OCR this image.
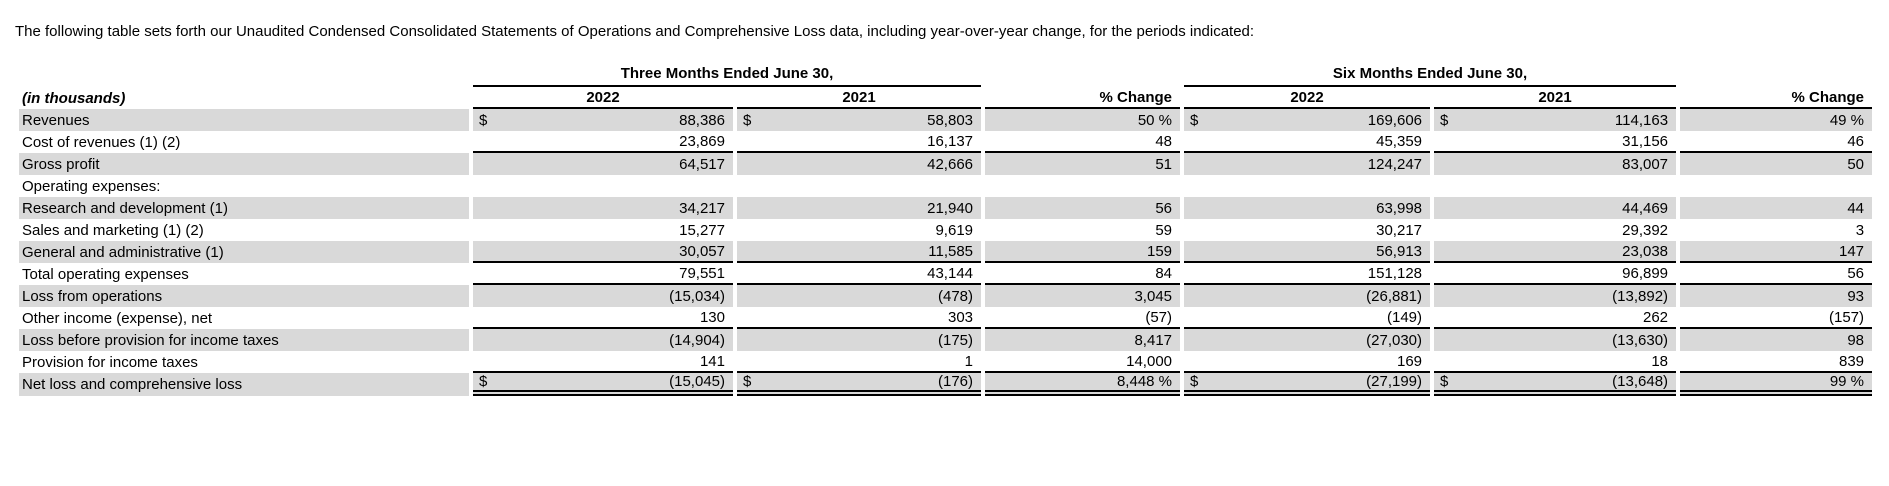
The following table sets forth our Unaudited Condensed Consolidated Statements of Operations and Comprehensive Loss data, including year-over-year change, for the periods indicated:

	Three Months Ended June 30,			Six Months Ended June 30,		
(in thousands)	2022	2021	% Change	2022	2021	% Change
Revenues	$ 88,386	$ 58,803	50 %	$ 169,606	$ 114,163	49 %
Cost of revenues (1) (2)	23,869	16,137	48	45,359	31,156	46
Gross profit	64,517	42,666	51	124,247	83,007	50
Operating expenses:	

Research and development (1)	34,217	21,940	56	63,998	44,469	44
Sales and marketing (1) (2)	15,277	9,619	59	30,217	29,392	3
General and administrative (1)	30,057	11,585	159	56,913	23,038	147
Total operating expenses	79,551	43,144	84	151,128	96,899	56
Loss from operations	(15,034)	(478)	3,045	(26,881)	(13,892)	93
Other income (expense), net	130	303	(57)	(149)	262	(157)
Loss before provision for income taxes	(14,904)	(175)	8,417	(27,030)	(13,630)	98
Provision for income taxes	141	1	14,000	169	18	839
Net loss and comprehensive loss	$ (15,045)	$ (176)	8,448 %	$ (27,199)	$ (13,648)	99 %
